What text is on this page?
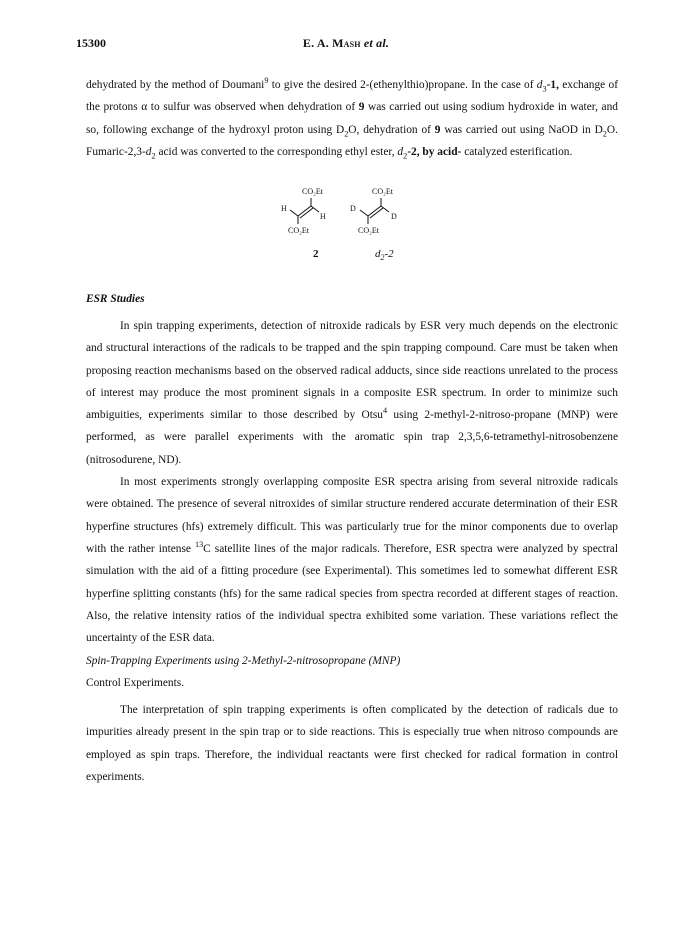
15300	E. A. Mash et al.

dehydrated by the method of Doumani$^9$ to give the desired 2-(ethenylthio)propane. In the case of $d_3-1$, exchange of the protons α to sulfur was observed when dehydration of 9 was carried out using sodium hydroxide in water, and so, following exchange of the hydroxyl proton using $D_2O$, dehydration of 9 was carried out using NaOD in $D_2O$. Fumaric-$2,3-d_2$ acid was converted to the corresponding ethyl ester, $d_2-2$, by acid- catalyzed esterification.

CO₂Et
H
H
CO₂Et
CO₂Et
D
D
CO₂Et
2	$d_2-2$
ESR Studies

In spin trapping experiments, detection of nitroxide radicals by ESR very much depends on the electronic and structural interactions of the radicals to be trapped and the spin trapping compound. Care must be taken when proposing reaction mechanisms based on the observed radical adducts, since side reactions unrelated to the process of interest may produce the most prominent signals in a composite ESR spectrum. In order to minimize such ambiguities, experiments similar to those described by Otsu$^4$ using 2-methyl-2-nitroso-propane (MNP) were performed, as were parallel experiments with the aromatic spin trap 2,3,5,6-tetramethyl-nitrosobenzene (nitrosodurene, ND).

In most experiments strongly overlapping composite ESR spectra arising from several nitroxide radicals were obtained. The presence of several nitroxides of similar structure rendered accurate determination of their ESR hyperfine structures (hfs) extremely difficult. This was particularly true for the minor components due to overlap with the rather intense $^{13}$C satellite lines of the major radicals. Therefore, ESR spectra were analyzed by spectral simulation with the aid of a fitting procedure (see Experimental). This sometimes led to somewhat different ESR hyperfine splitting constants (hfs) for the same radical species from spectra recorded at different stages of reaction. Also, the relative intensity ratios of the individual spectra exhibited some variation. These variations reflect the uncertainty of the ESR data.

Spin-Trapping Experiments using 2-Methyl-2-nitrosopropane (MNP)
Control Experiments.

The interpretation of spin trapping experiments is often complicated by the detection of radicals due to impurities already present in the spin trap or to side reactions. This is especially true when nitroso compounds are employed as spin traps. Therefore, the individual reactants were first checked for radical formation in control experiments.
